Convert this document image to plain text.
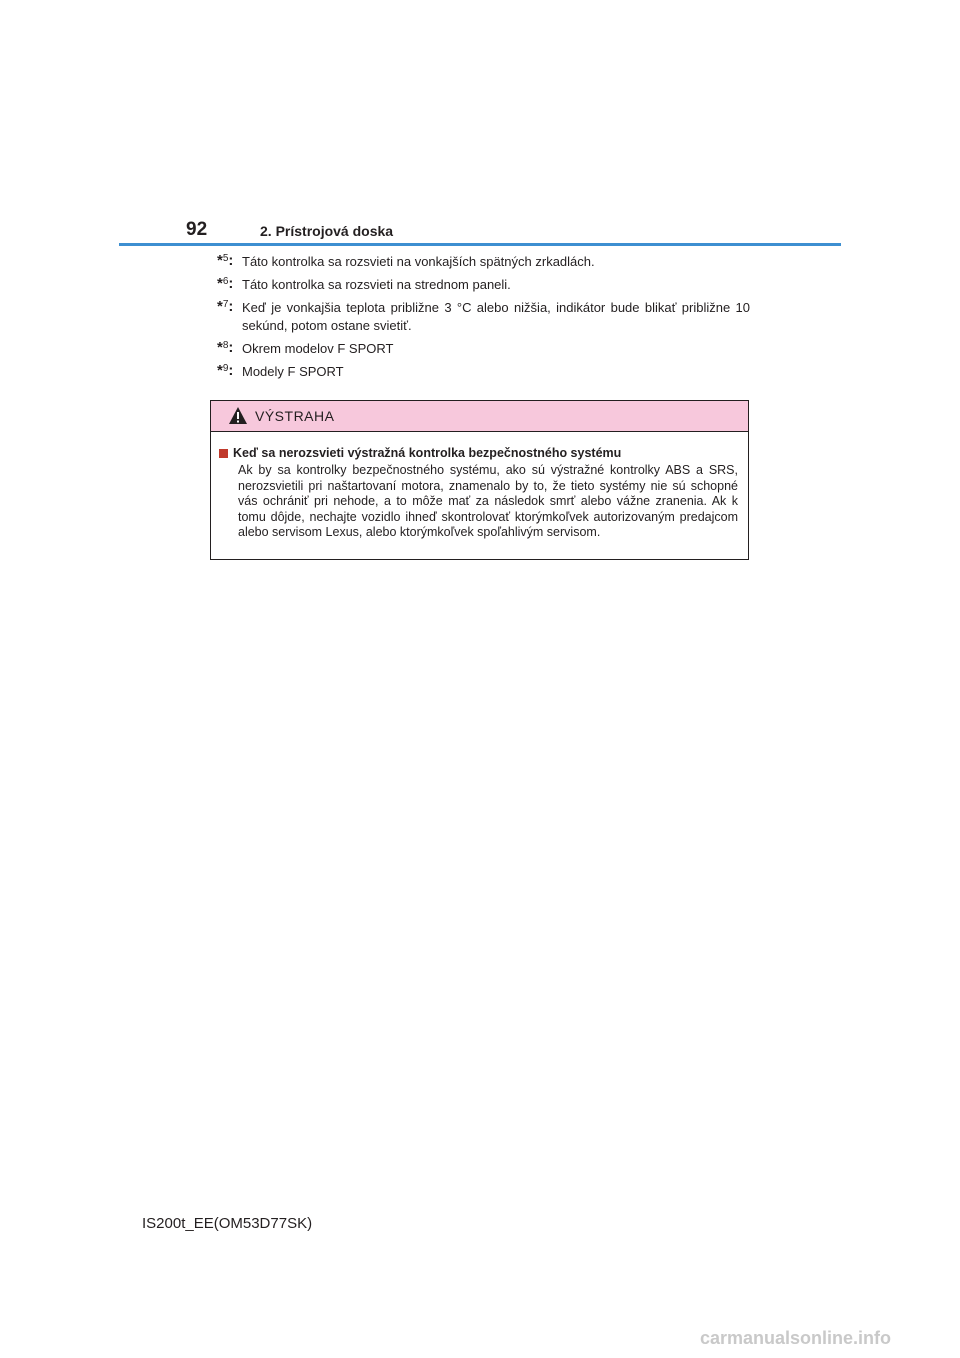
92	2. Prístrojová doska
*$^5$: Táto kontrolka sa rozsvieti na vonkajších spätných zrkadlách.
*$^6$: Táto kontrolka sa rozsvieti na strednom paneli.
*$^7$: Keď je vonkajšia teplota približne 3 °C alebo nižšia, indikátor bude blikať približne 10 sekúnd, potom ostane svietiť.
*$^8$: Okrem modelov F SPORT
*$^9$: Modely F SPORT
VÝSTRAHA
Keď sa nerozsvieti výstražná kontrolka bezpečnostného systému
Ak by sa kontrolky bezpečnostného systému, ako sú výstražné kontrolky ABS a SRS, nerozsvietili pri naštartovaní motora, znamenalo by to, že tieto systémy nie sú schopné vás ochrániť pri nehode, a to môže mať za následok smrť alebo vážne zranenia. Ak k tomu dôjde, nechajte vozidlo ihneď skontrolovať ktorýmkoľvek autorizovaným predajcom alebo servisom Lexus, alebo ktorýmkoľvek spoľahlivým servisom.
IS200t_EE(OM53D77SK)
carmanualsonline.info
